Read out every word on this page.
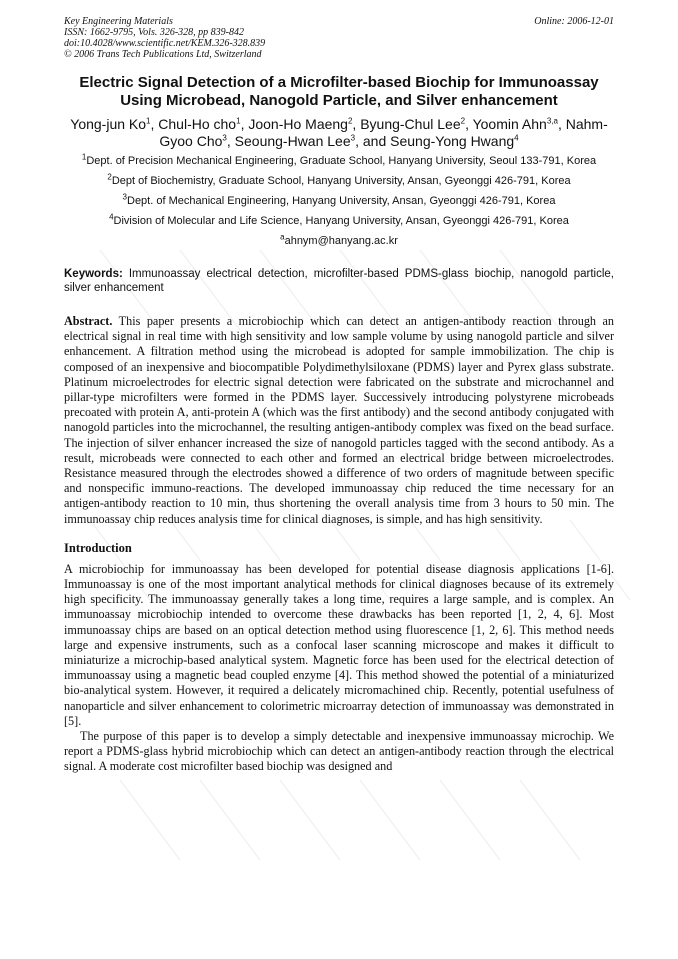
Key Engineering Materials
ISSN: 1662-9795, Vols. 326-328, pp 839-842
doi:10.4028/www.scientific.net/KEM.326-328.839
© 2006 Trans Tech Publications Ltd, Switzerland
Online: 2006-12-01
Electric Signal Detection of a Microfilter-based Biochip for Immunoassay Using Microbead, Nanogold Particle, and Silver enhancement
Yong-jun Ko$^1$, Chul-Ho cho$^1$, Joon-Ho Maeng$^2$, Byung-Chul Lee$^2$, Yoomin Ahn$^{3,a}$, Nahm-Gyoo Cho$^3$, Seoung-Hwan Lee$^3$, and Seung-Yong Hwang$^4$
$^1$Dept. of Precision Mechanical Engineering, Graduate School, Hanyang University, Seoul 133-791, Korea
$^2$Dept of Biochemistry, Graduate School, Hanyang University, Ansan, Gyeonggi 426-791, Korea
$^3$Dept. of Mechanical Engineering, Hanyang University, Ansan, Gyeonggi 426-791, Korea
$^4$Division of Molecular and Life Science, Hanyang University, Ansan, Gyeonggi 426-791, Korea
$^a$ahnym@hanyang.ac.kr
Keywords: Immunoassay electrical detection, microfilter-based PDMS-glass biochip, nanogold particle, silver enhancement
Abstract. This paper presents a microbiochip which can detect an antigen-antibody reaction through an electrical signal in real time with high sensitivity and low sample volume by using nanogold particle and silver enhancement. A filtration method using the microbead is adopted for sample immobilization. The chip is composed of an inexpensive and biocompatible Polydimethylsiloxane (PDMS) layer and Pyrex glass substrate. Platinum microelectrodes for electric signal detection were fabricated on the substrate and microchannel and pillar-type microfilters were formed in the PDMS layer. Successively introducing polystyrene microbeads precoated with protein A, anti-protein A (which was the first antibody) and the second antibody conjugated with nanogold particles into the microchannel, the resulting antigen-antibody complex was fixed on the bead surface. The injection of silver enhancer increased the size of nanogold particles tagged with the second antibody. As a result, microbeads were connected to each other and formed an electrical bridge between microelectrodes. Resistance measured through the electrodes showed a difference of two orders of magnitude between specific and nonspecific immuno-reactions. The developed immunoassay chip reduced the time necessary for an antigen-antibody reaction to 10 min, thus shortening the overall analysis time from 3 hours to 50 min. The immunoassay chip reduces analysis time for clinical diagnoses, is simple, and has high sensitivity.
Introduction
A microbiochip for immunoassay has been developed for potential disease diagnosis applications [1-6]. Immunoassay is one of the most important analytical methods for clinical diagnoses because of its extremely high specificity. The immunoassay generally takes a long time, requires a large sample, and is complex. An immunoassay microbiochip intended to overcome these drawbacks has been reported [1, 2, 4, 6]. Most immunoassay chips are based on an optical detection method using fluorescence [1, 2, 6]. This method needs large and expensive instruments, such as a confocal laser scanning microscope and makes it difficult to miniaturize a microchip-based analytical system. Magnetic force has been used for the electrical detection of immunoassay using a magnetic bead coupled enzyme [4]. This method showed the potential of a miniaturized bio-analytical system. However, it required a delicately micromachined chip. Recently, potential usefulness of nanoparticle and silver enhancement to colorimetric microarray detection of immunoassay was demonstrated in [5].
The purpose of this paper is to develop a simply detectable and inexpensive immunoassay microchip. We report a PDMS-glass hybrid microbiochip which can detect an antigen-antibody reaction through the electrical signal. A moderate cost microfilter based biochip was designed and
